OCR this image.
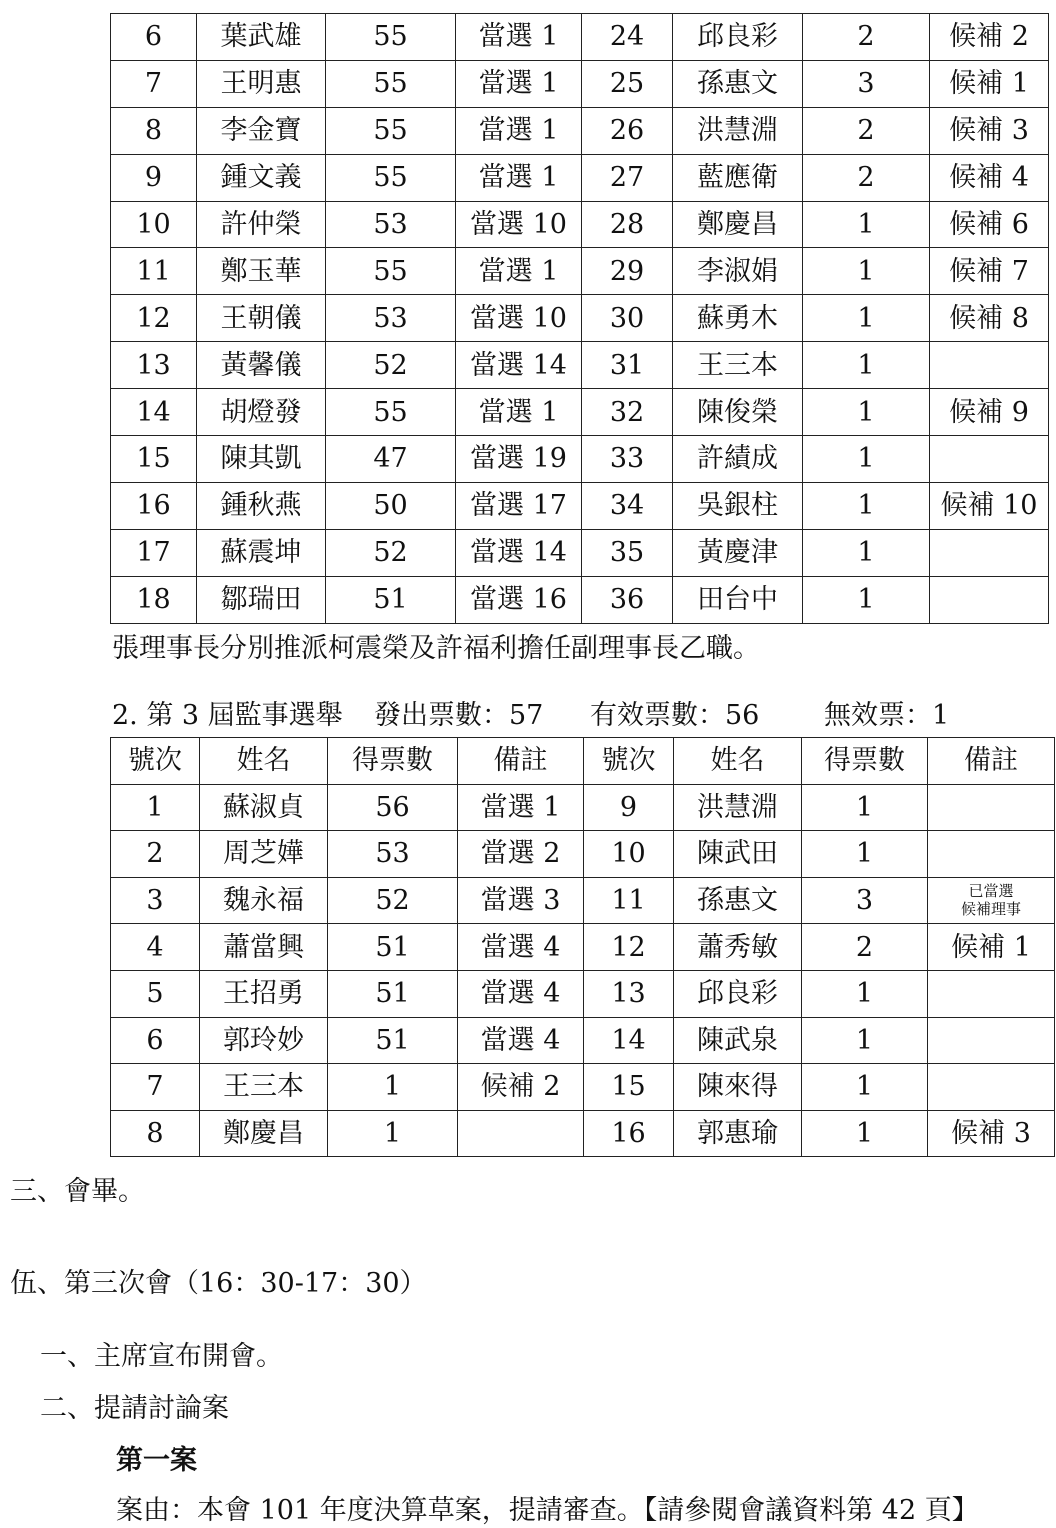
6	葉武雄	55	當選 1	24	邱良彩	2	候補 2
7	王明惠	55	當選 1	25	孫惠文	3	候補 1
8	李金寶	55	當選 1	26	洪慧淵	2	候補 3
9	鍾文義	55	當選 1	27	藍應衛	2	候補 4
10	許仲榮	53	當選 10	28	鄭慶昌	1	候補 6
11	鄭玉華	55	當選 1	29	李淑娟	1	候補 7
12	王朝儀	53	當選 10	30	蘇勇木	1	候補 8
13	黃馨儀	52	當選 14	31	王三本	1	
14	胡燈發	55	當選 1	32	陳俊榮	1	候補 9
15	陳其凱	47	當選 19	33	許績成	1	
16	鍾秋燕	50	當選 17	34	吳銀柱	1	候補 10
17	蘇震坤	52	當選 14	35	黃慶津	1	
18	鄒瑞田	51	當選 16	36	田台中	1	
張理事長分別推派柯震榮及許福利擔任副理事長乙職。
2. 第 3 屆監事選舉 發出票數：57 有效票數：56 無效票：1
號次	姓名	得票數	備註	號次	姓名	得票數	備註
1	蘇淑貞	56	當選 1	9	洪慧淵	1	
2	周芝嬅	53	當選 2	10	陳武田	1	
3	魏永福	52	當選 3	11	孫惠文	3	已當選
候補理事
4	蕭當興	51	當選 4	12	蕭秀敏	2	候補 1
5	王招勇	51	當選 4	13	邱良彩	1	
6	郭玲妙	51	當選 4	14	陳武泉	1	
7	王三本	1	候補 2	15	陳來得	1	
8	鄭慶昌	1		16	郭惠瑜	1	候補 3
三、會畢。
伍、第三次會（16：30-17：30）
一、主席宣布開會。
二、提請討論案
第一案
案由：本會 101 年度決算草案，提請審查。【請參閱會議資料第 42 頁】
